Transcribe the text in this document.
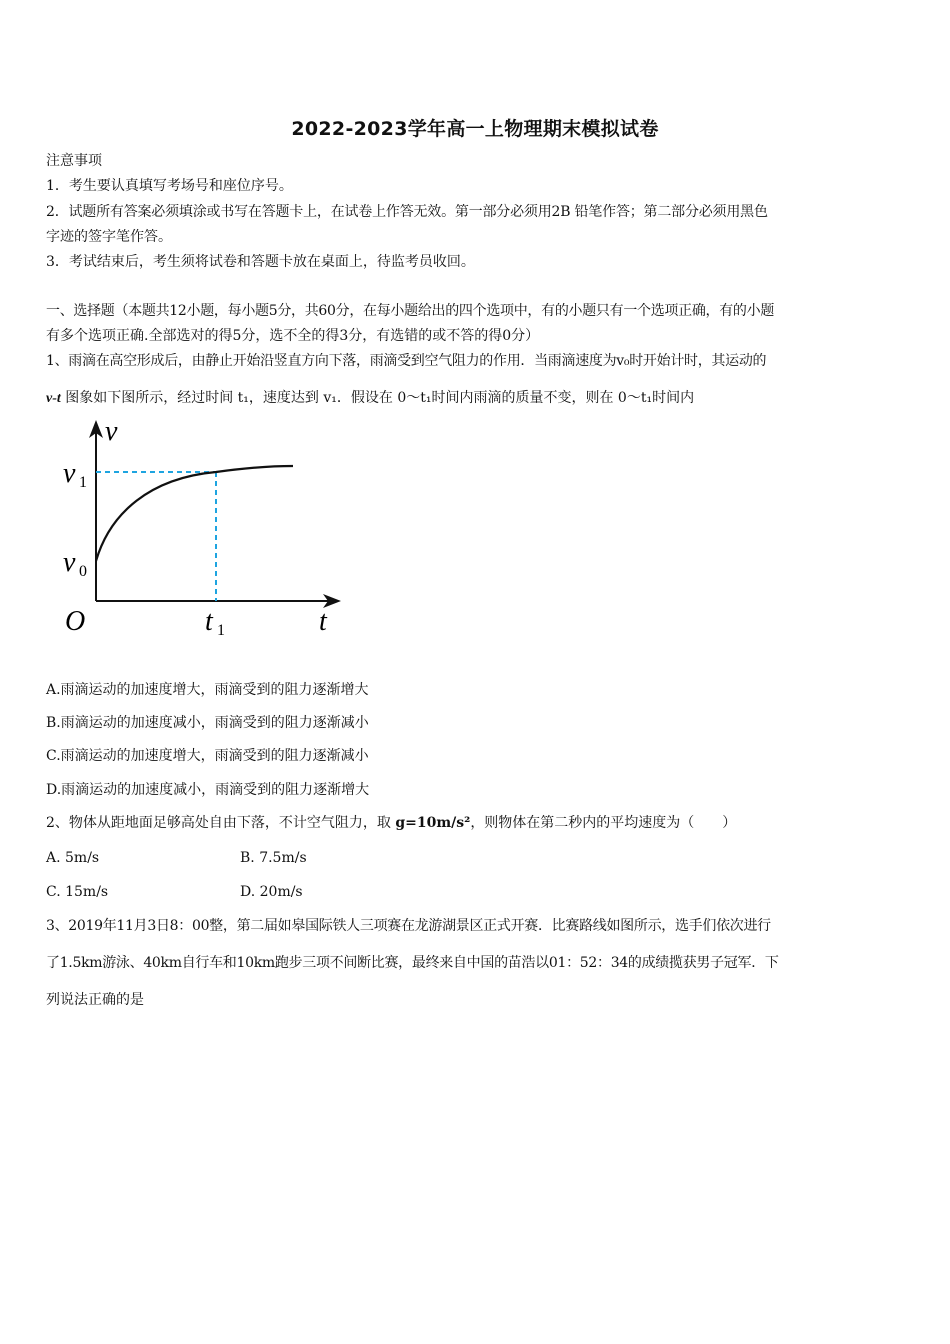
2022-2023学年高一上物理期末模拟试卷
注意事项
1．考生要认真填写考场号和座位序号。
2．试题所有答案必须填涂或书写在答题卡上，在试卷上作答无效。第一部分必须用2B 铅笔作答；第二部分必须用黑色
字迹的签字笔作答。
3．考试结束后，考生须将试卷和答题卡放在桌面上，待监考员收回。
一、选择题（本题共12小题，每小题5分，共60分，在每小题给出的四个选项中，有的小题只有一个选项正确，有的小题
有多个选项正确.全部选对的得5分，选不全的得3分，有选错的或不答的得0分）
1、雨滴在高空形成后，由静止开始沿竖直方向下落，雨滴受到空气阻力的作用．当雨滴速度为v₀时开始计时，其运动的
v-t 图象如下图所示，经过时间 t₁，速度达到 v₁．假设在 0～t₁时间内雨滴的质量不变，则在 0～t₁时间内
v
v 1
v 0
O	t 1	t
A.雨滴运动的加速度增大，雨滴受到的阻力逐渐增大
B.雨滴运动的加速度减小，雨滴受到的阻力逐渐减小
C.雨滴运动的加速度增大，雨滴受到的阻力逐渐减小
D.雨滴运动的加速度减小，雨滴受到的阻力逐渐增大
2、物体从距地面足够高处自由下落，不计空气阻力，取 g=10m/s²，则物体在第二秒内的平均速度为（　　）
A. 5m/s	B. 7.5m/s
C. 15m/s	D. 20m/s
3、2019年11月3日8：00整，第二届如皋国际铁人三项赛在龙游湖景区正式开赛．比赛路线如图所示，选手们依次进行
了1.5km游泳、40km自行车和10km跑步三项不间断比赛，最终来自中国的苗浩以01：52：34的成绩揽获男子冠军．下
列说法正确的是
